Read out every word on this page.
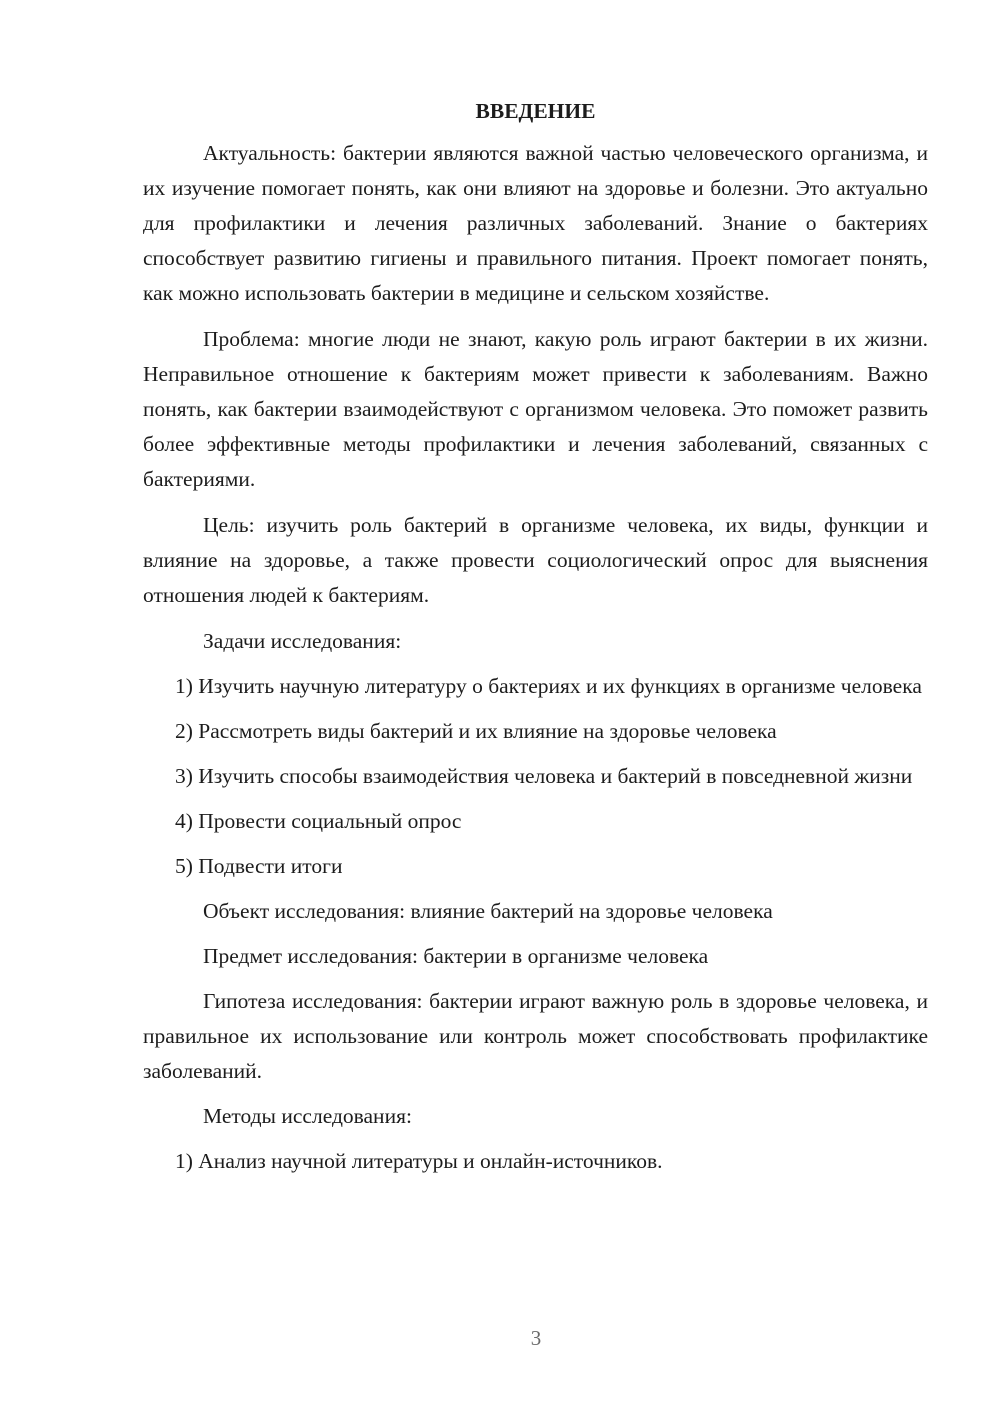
ВВЕДЕНИЕ

Актуальность: бактерии являются важной частью человеческого организма, и их изучение помогает понять, как они влияют на здоровье и болезни. Это актуально для профилактики и лечения различных заболеваний. Знание о бактериях способствует развитию гигиены и правильного питания. Проект помогает понять, как можно использовать бактерии в медицине и сельском хозяйстве.

Проблема: многие люди не знают, какую роль играют бактерии в их жизни. Неправильное отношение к бактериям может привести к заболеваниям. Важно понять, как бактерии взаимодействуют с организмом человека. Это поможет развить более эффективные методы профилактики и лечения заболеваний, связанных с бактериями.

Цель: изучить роль бактерий в организме человека, их виды, функции и влияние на здоровье, а также провести социологический опрос для выяснения отношения людей к бактериям.

Задачи исследования:

1) Изучить научную литературу о бактериях и их функциях в организме человека

2) Рассмотреть виды бактерий и их влияние на здоровье человека

3) Изучить способы взаимодействия человека и бактерий в повседневной жизни

4) Провести социальный опрос

5) Подвести итоги

Объект исследования: влияние бактерий на здоровье человека

Предмет исследования: бактерии в организме человека

Гипотеза исследования: бактерии играют важную роль в здоровье человека, и правильное их использование или контроль может способствовать профилактике заболеваний.

Методы исследования:

1) Анализ научной литературы и онлайн-источников.

3
